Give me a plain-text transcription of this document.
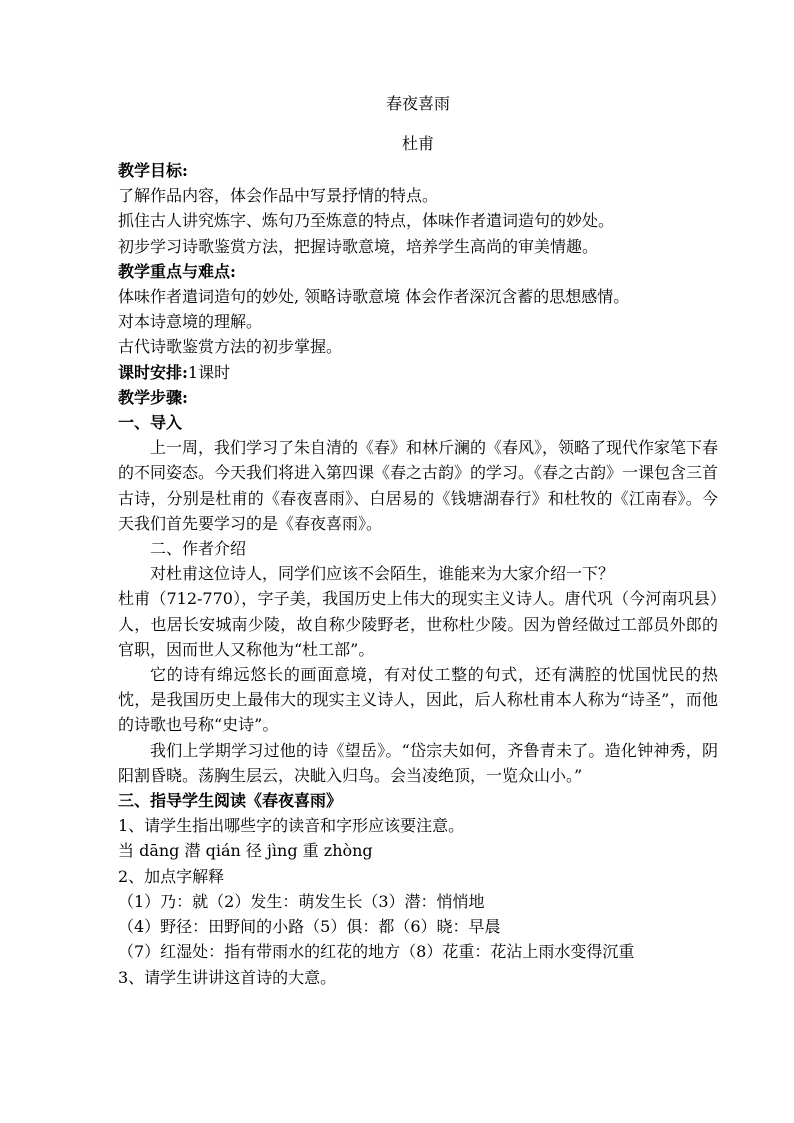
春夜喜雨
杜甫
教学目标:
了解作品内容，体会作品中写景抒情的特点。
抓住古人讲究炼字、炼句乃至炼意的特点，体味作者遣词造句的妙处。
初步学习诗歌鉴赏方法，把握诗歌意境，培养学生高尚的审美情趣。
教学重点与难点:
体味作者遣词造句的妙处, 领略诗歌意境 体会作者深沉含蓄的思想感情。
对本诗意境的理解。
古代诗歌鉴赏方法的初步掌握。
课时安排:1课时
教学步骤:
一、导入

上一周，我们学习了朱自清的《春》和林斤澜的《春风》，领略了现代作家笔下春的不同姿态。今天我们将进入第四课《春之古韵》的学习。《春之古韵》一课包含三首古诗，分别是杜甫的《春夜喜雨》、白居易的《钱塘湖春行》和杜牧的《江南春》。今天我们首先要学习的是《春夜喜雨》。

二、作者介绍

对杜甫这位诗人，同学们应该不会陌生，谁能来为大家介绍一下？

杜甫（712-770），字子美，我国历史上伟大的现实主义诗人。唐代巩（今河南巩县）人，也居长安城南少陵，故自称少陵野老，世称杜少陵。因为曾经做过工部员外郎的官职，因而世人又称他为“杜工部”。

它的诗有绵远悠长的画面意境，有对仗工整的句式，还有满腔的忧国忧民的热忱，是我国历史上最伟大的现实主义诗人，因此，后人称杜甫本人称为“诗圣”，而他的诗歌也号称“史诗”。

我们上学期学习过他的诗《望岳》。“岱宗夫如何，齐鲁青未了。造化钟神秀，阴阳割昏晓。荡胸生层云，决眦入归鸟。会当凌绝顶，一览众山小。”

三、指导学生阅读《春夜喜雨》
1、请学生指出哪些字的读音和字形应该要注意。
当 dāng 潜 qián 径 jìng 重 zhòng
2、加点字解释
（1）乃：就（2）发生：萌发生长（3）潜：悄悄地
（4）野径：田野间的小路（5）俱：都（6）晓：早晨
（7）红湿处：指有带雨水的红花的地方（8）花重：花沾上雨水变得沉重
3、请学生讲讲这首诗的大意。
